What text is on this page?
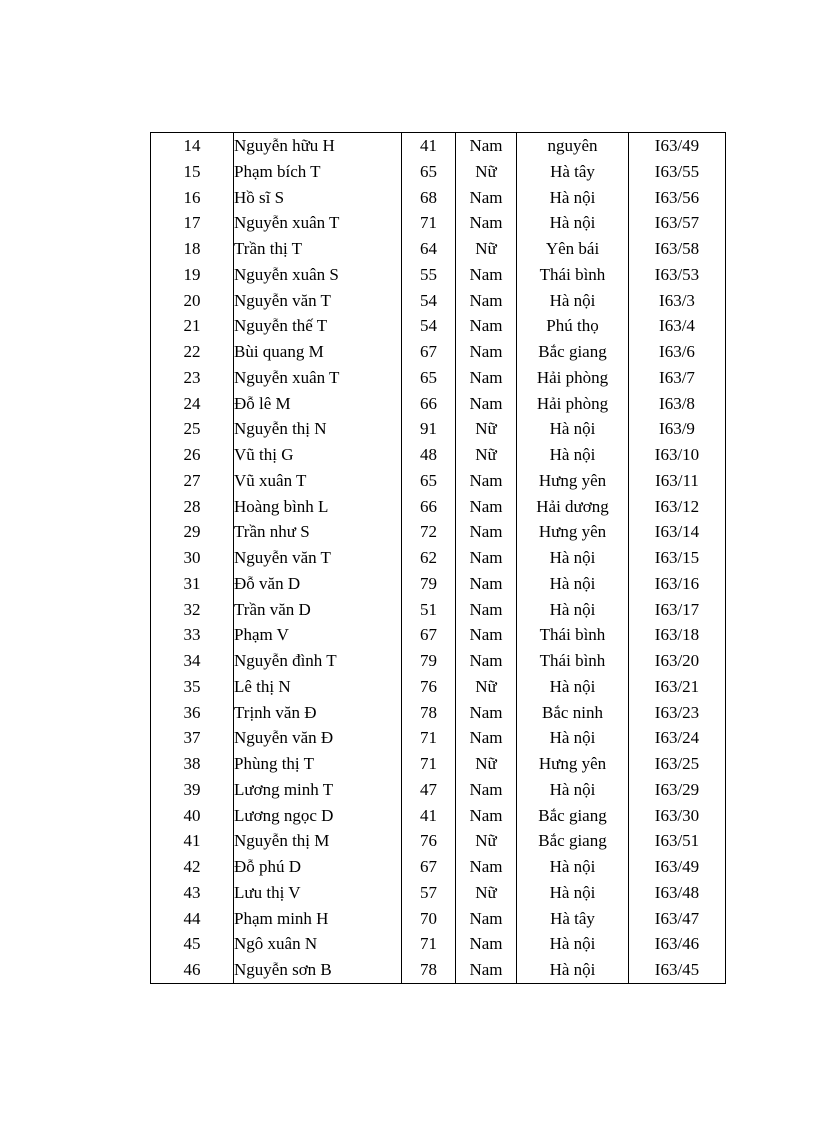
14	Nguyễn hữu H	41	Nam	nguyên	I63/49
15	Phạm bích T	65	Nữ	Hà tây	I63/55
16	Hồ sĩ S	68	Nam	Hà nội	I63/56
17	Nguyễn xuân T	71	Nam	Hà nội	I63/57
18	Trần thị T	64	Nữ	Yên bái	I63/58
19	Nguyễn xuân S	55	Nam	Thái bình	I63/53
20	Nguyễn văn T	54	Nam	Hà nội	I63/3
21	Nguyễn thế T	54	Nam	Phú thọ	I63/4
22	Bùi quang M	67	Nam	Bắc giang	I63/6
23	Nguyễn xuân T	65	Nam	Hải phòng	I63/7
24	Đỗ lê M	66	Nam	Hải phòng	I63/8
25	Nguyễn thị N	91	Nữ	Hà nội	I63/9
26	Vũ thị G	48	Nữ	Hà nội	I63/10
27	Vũ xuân T	65	Nam	Hưng yên	I63/11
28	Hoàng bình L	66	Nam	Hải dương	I63/12
29	Trần như S	72	Nam	Hưng yên	I63/14
30	Nguyễn văn T	62	Nam	Hà nội	I63/15
31	Đỗ văn D	79	Nam	Hà nội	I63/16
32	Trần văn D	51	Nam	Hà nội	I63/17
33	Phạm V	67	Nam	Thái bình	I63/18
34	Nguyễn đình T	79	Nam	Thái bình	I63/20
35	Lê thị N	76	Nữ	Hà nội	I63/21
36	Trịnh văn Đ	78	Nam	Bắc ninh	I63/23
37	Nguyễn văn Đ	71	Nam	Hà nội	I63/24
38	Phùng thị T	71	Nữ	Hưng yên	I63/25
39	Lương minh T	47	Nam	Hà nội	I63/29
40	Lương ngọc D	41	Nam	Bắc giang	I63/30
41	Nguyễn thị M	76	Nữ	Bắc giang	I63/51
42	Đỗ phú D	67	Nam	Hà nội	I63/49
43	Lưu thị V	57	Nữ	Hà nội	I63/48
44	Phạm minh H	70	Nam	Hà tây	I63/47
45	Ngô xuân N	71	Nam	Hà nội	I63/46
46	Nguyễn sơn B	78	Nam	Hà nội	I63/45
